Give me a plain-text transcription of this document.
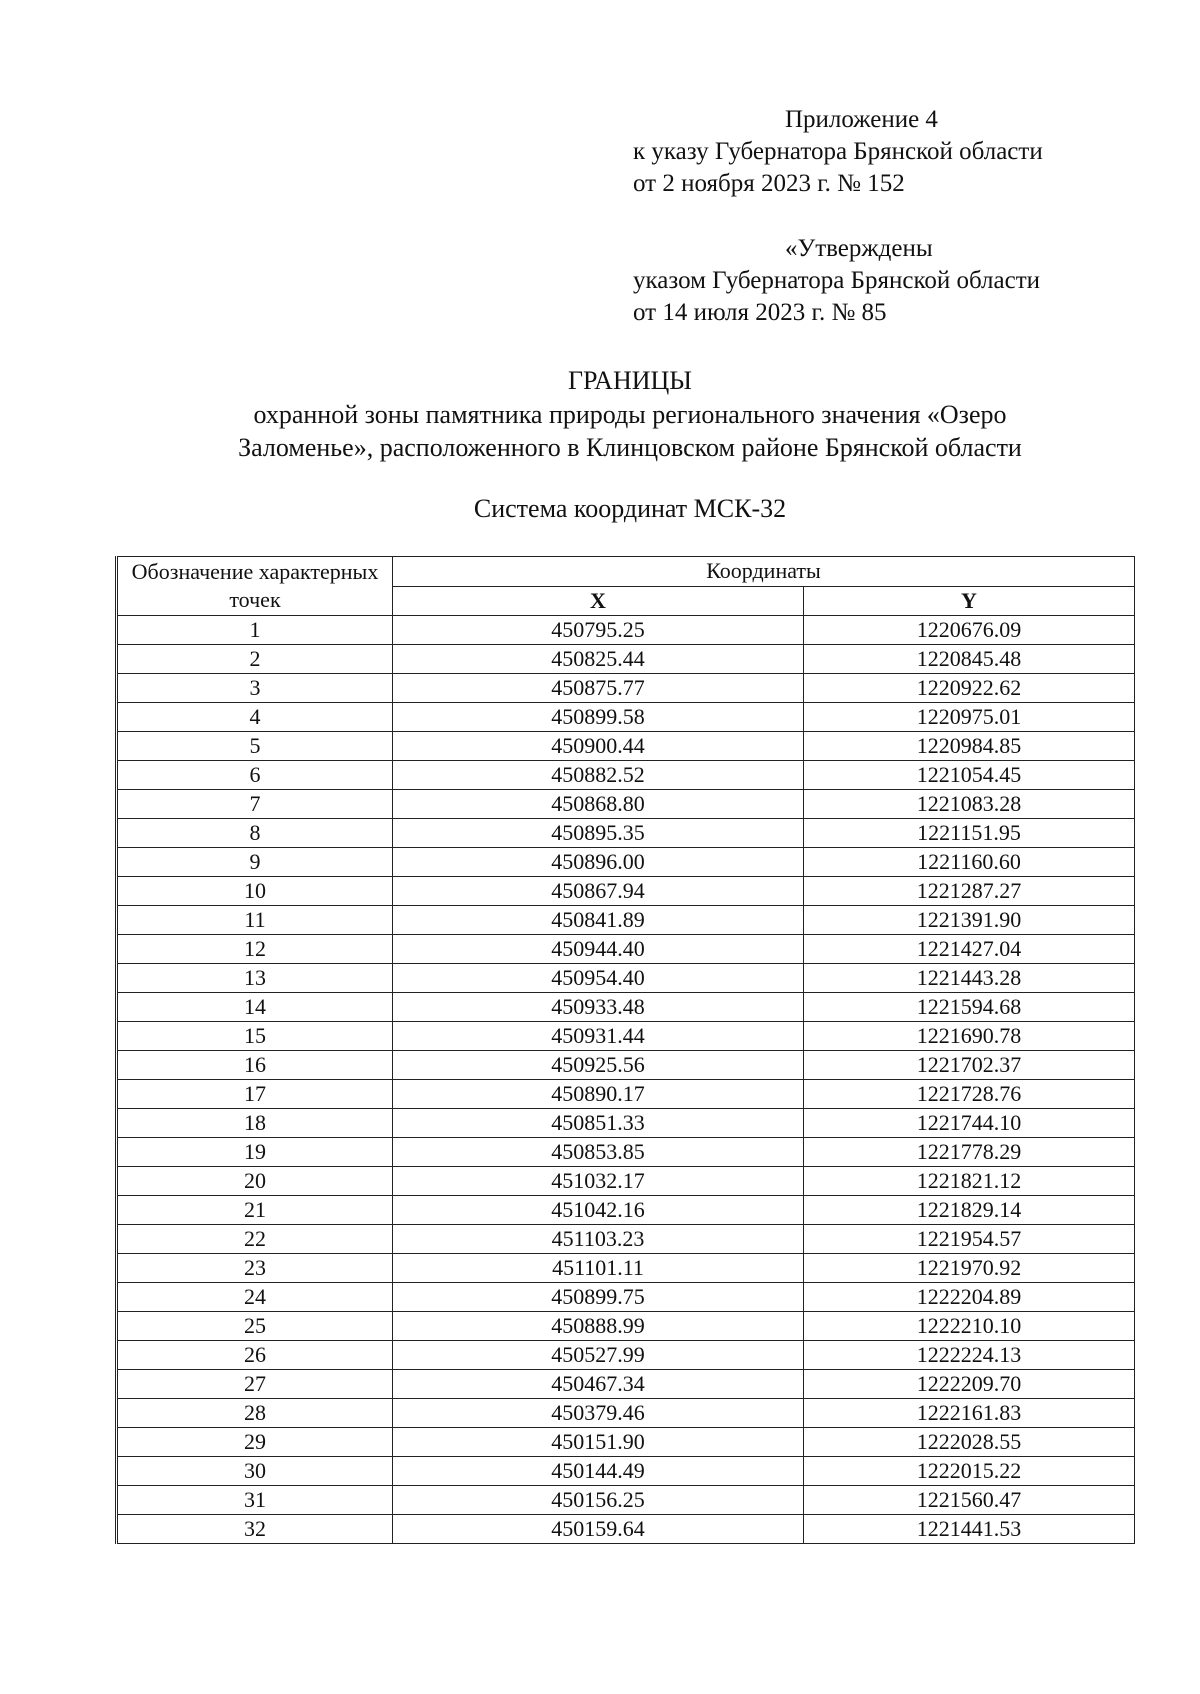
Приложение 4
к указу Губернатора Брянской области
от 2 ноября 2023 г. № 152
«Утверждены
указом Губернатора Брянской области
от 14 июля 2023 г. № 85
ГРАНИЦЫ
охранной зоны памятника природы регионального значения «Озеро
Заломенье», расположенного в Клинцовском районе Брянской области
Система координат МСК-32
Обозначение характерных точек	Координаты	
	X	Y
1	450795.25	1220676.09
2	450825.44	1220845.48
3	450875.77	1220922.62
4	450899.58	1220975.01
5	450900.44	1220984.85
6	450882.52	1221054.45
7	450868.80	1221083.28
8	450895.35	1221151.95
9	450896.00	1221160.60
10	450867.94	1221287.27
11	450841.89	1221391.90
12	450944.40	1221427.04
13	450954.40	1221443.28
14	450933.48	1221594.68
15	450931.44	1221690.78
16	450925.56	1221702.37
17	450890.17	1221728.76
18	450851.33	1221744.10
19	450853.85	1221778.29
20	451032.17	1221821.12
21	451042.16	1221829.14
22	451103.23	1221954.57
23	451101.11	1221970.92
24	450899.75	1222204.89
25	450888.99	1222210.10
26	450527.99	1222224.13
27	450467.34	1222209.70
28	450379.46	1222161.83
29	450151.90	1222028.55
30	450144.49	1222015.22
31	450156.25	1221560.47
32	450159.64	1221441.53
